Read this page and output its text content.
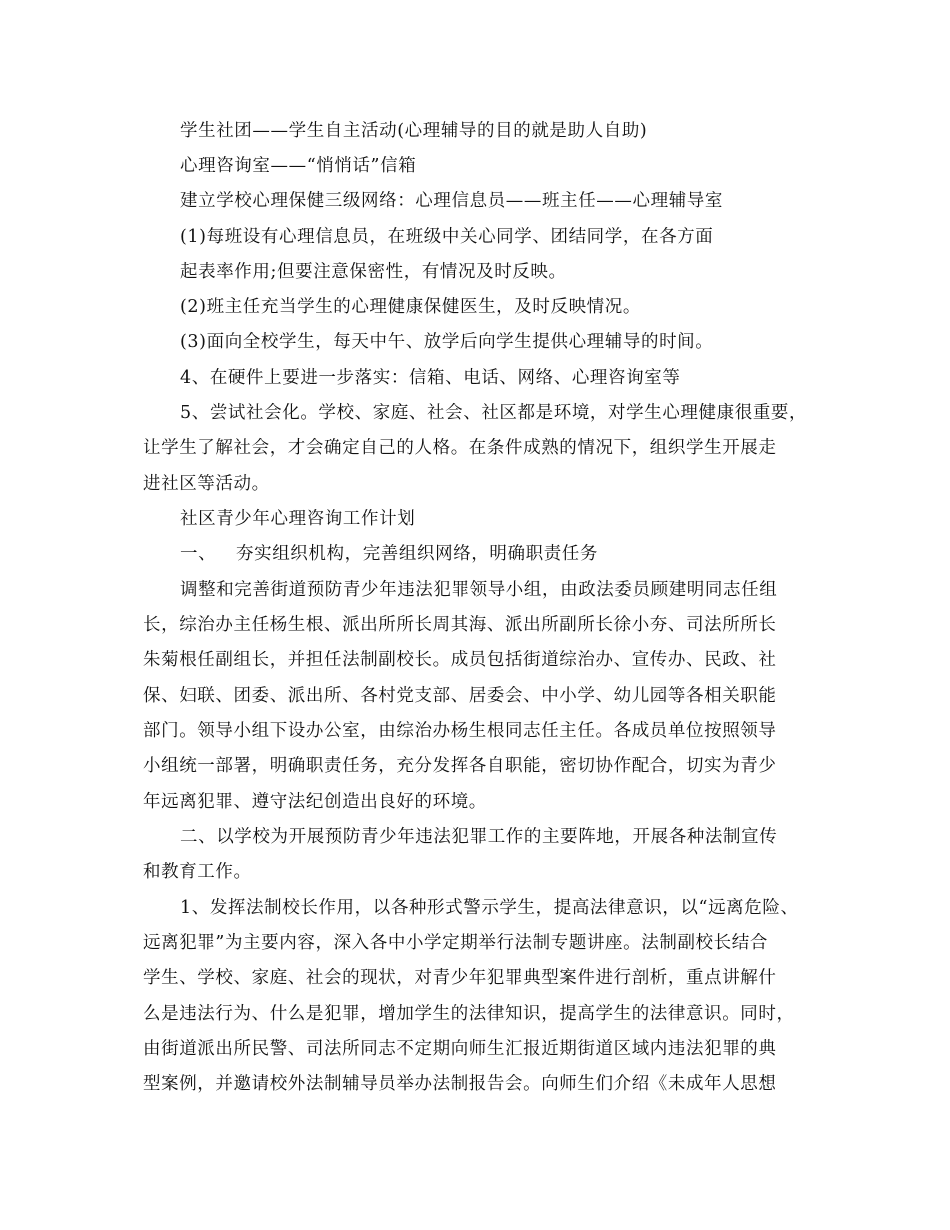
学生社团——学生自主活动(心理辅导的目的就是助人自助)
心理咨询室——“悄悄话”信箱
建立学校心理保健三级网络：心理信息员——班主任——心理辅导室
(1)每班设有心理信息员，在班级中关心同学、团结同学，在各方面
起表率作用;但要注意保密性，有情况及时反映。
(2)班主任充当学生的心理健康保健医生，及时反映情况。
(3)面向全校学生，每天中午、放学后向学生提供心理辅导的时间。
4、在硬件上要进一步落实：信箱、电话、网络、心理咨询室等
5、尝试社会化。学校、家庭、社会、社区都是环境，对学生心理健康很重要，
让学生了解社会，才会确定自己的人格。在条件成熟的情况下，组织学生开展走
进社区等活动。
社区青少年心理咨询工作计划
一、 夯实组织机构，完善组织网络，明确职责任务
调整和完善街道预防青少年违法犯罪领导小组，由政法委员顾建明同志任组
长，综治办主任杨生根、派出所所长周其海、派出所副所长徐小夯、司法所所长
朱菊根任副组长，并担任法制副校长。成员包括街道综治办、宣传办、民政、社
保、妇联、团委、派出所、各村党支部、居委会、中小学、幼儿园等各相关职能
部门。领导小组下设办公室，由综治办杨生根同志任主任。各成员单位按照领导
小组统一部署，明确职责任务，充分发挥各自职能，密切协作配合，切实为青少
年远离犯罪、遵守法纪创造出良好的环境。
二、以学校为开展预防青少年违法犯罪工作的主要阵地，开展各种法制宣传
和教育工作。
1、发挥法制校长作用，以各种形式警示学生，提高法律意识，以“远离危险、
远离犯罪”为主要内容，深入各中小学定期举行法制专题讲座。法制副校长结合
学生、学校、家庭、社会的现状，对青少年犯罪典型案件进行剖析，重点讲解什
么是违法行为、什么是犯罪，增加学生的法律知识，提高学生的法律意识。同时，
由街道派出所民警、司法所同志不定期向师生汇报近期街道区域内违法犯罪的典
型案例，并邀请校外法制辅导员举办法制报告会。向师生们介绍《未成年人思想
